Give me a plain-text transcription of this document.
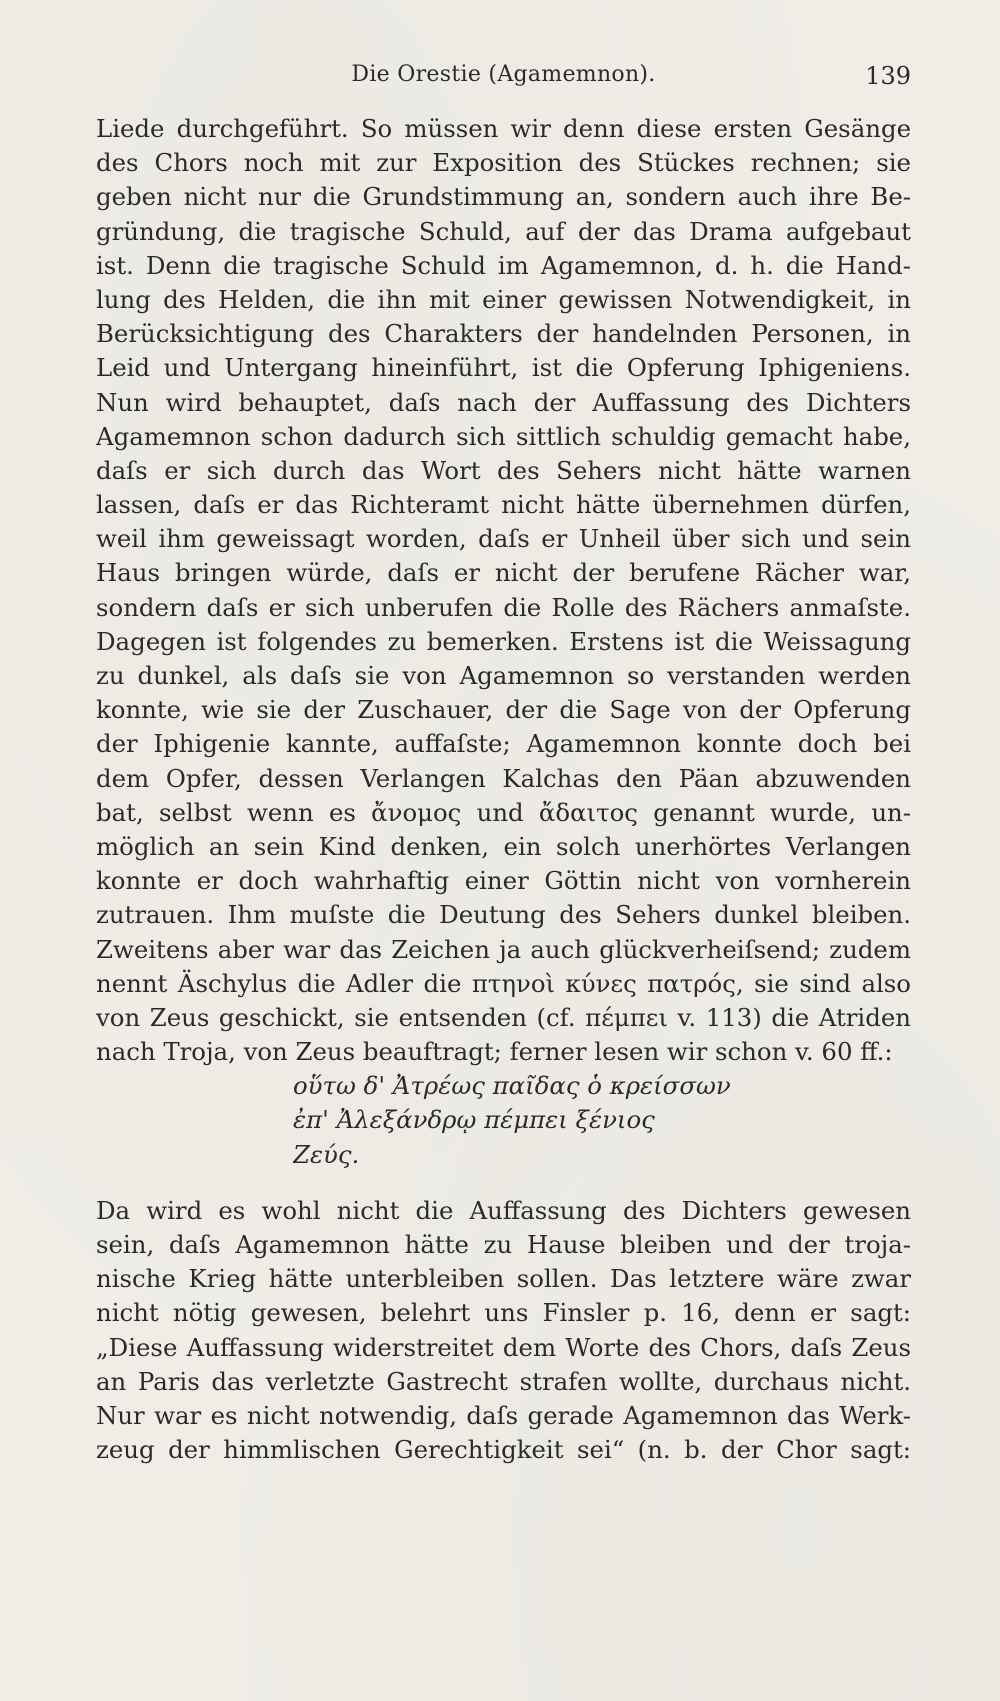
Die Orestie (Agamemnon).	139
Liede durchgeführt. So müssen wir denn diese ersten Gesänge
des Chors noch mit zur Exposition des Stückes rechnen; sie
geben nicht nur die Grundstimmung an, sondern auch ihre Be-
gründung, die tragische Schuld, auf der das Drama aufgebaut
ist. Denn die tragische Schuld im Agamemnon, d. h. die Hand-
lung des Helden, die ihn mit einer gewissen Notwendigkeit, in
Berücksichtigung des Charakters der handelnden Personen, in
Leid und Untergang hineinführt, ist die Opferung Iphigeniens.
Nun wird behauptet, daſs nach der Auffassung des Dichters
Agamemnon schon dadurch sich sittlich schuldig gemacht habe,
daſs er sich durch das Wort des Sehers nicht hätte warnen
lassen, daſs er das Richteramt nicht hätte übernehmen dürfen,
weil ihm geweissagt worden, daſs er Unheil über sich und sein
Haus bringen würde, daſs er nicht der berufene Rächer war,
sondern daſs er sich unberufen die Rolle des Rächers anmaſste.
Dagegen ist folgendes zu bemerken. Erstens ist die Weissagung
zu dunkel, als daſs sie von Agamemnon so verstanden werden
konnte, wie sie der Zuschauer, der die Sage von der Opferung
der Iphigenie kannte, auffaſste; Agamemnon konnte doch bei
dem Opfer, dessen Verlangen Kalchas den Päan abzuwenden
bat, selbst wenn es ἄνομος und ἄδαιτος genannt wurde, un-
möglich an sein Kind denken, ein solch unerhörtes Verlangen
konnte er doch wahrhaftig einer Göttin nicht von vornherein
zutrauen. Ihm muſste die Deutung des Sehers dunkel bleiben.
Zweitens aber war das Zeichen ja auch glückverheiſsend; zudem
nennt Äschylus die Adler die πτηνοὶ κύνες πατρός, sie sind also
von Zeus geschickt, sie entsenden (cf. πέμπει v. 113) die Atriden
nach Troja, von Zeus beauftragt; ferner lesen wir schon v. 60 ff.:
οὕτω δ' Ἀτρέως παῖδας ὁ κρείσσων
ἐπ' Ἀλεξάνδρῳ πέμπει ξένιος
Ζεύς.
Da wird es wohl nicht die Auffassung des Dichters gewesen
sein, daſs Agamemnon hätte zu Hause bleiben und der troja-
nische Krieg hätte unterbleiben sollen. Das letztere wäre zwar
nicht nötig gewesen, belehrt uns Finsler p. 16, denn er sagt:
„Diese Auffassung widerstreitet dem Worte des Chors, daſs Zeus
an Paris das verletzte Gastrecht strafen wollte, durchaus nicht.
Nur war es nicht notwendig, daſs gerade Agamemnon das Werk-
zeug der himmlischen Gerechtigkeit sei“ (n. b. der Chor sagt:
